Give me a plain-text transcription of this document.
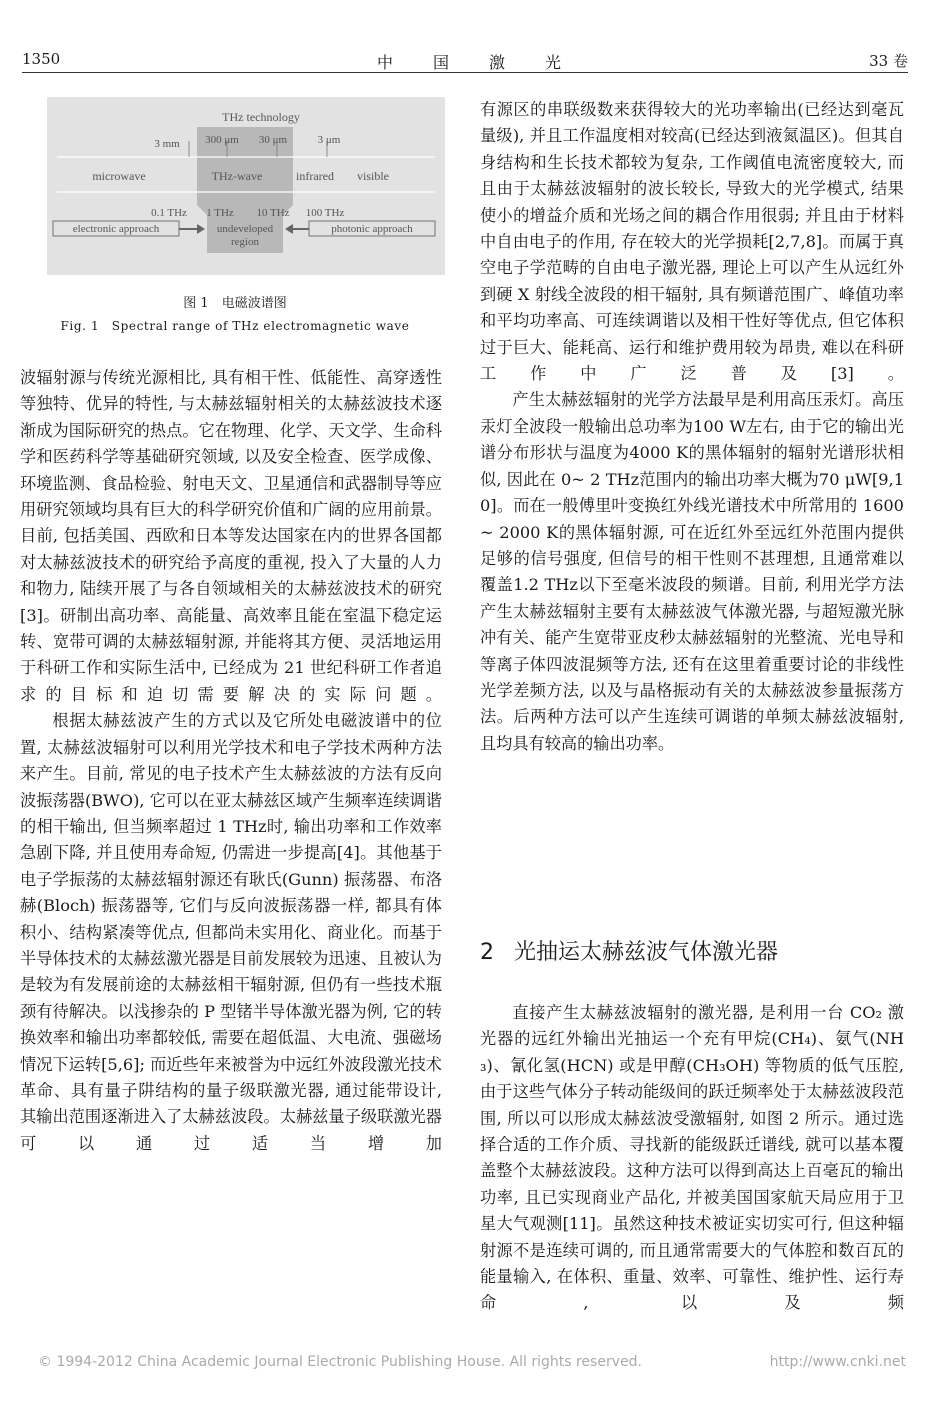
1350	中国激光	33 卷
THz technology
3 mm 300 μm 30 μm	3 μm
microwave	THz-wave	infrared visible
0.1 THz 1 THz 10 THz 100 THz
electronic approach	undeveloped
region
photonic approach
图 1　电磁波谱图
Fig. 1　Spectral range of THz electromagnetic wave

波辐射源与传统光源相比, 具有相干性、低能性、高穿透性等独特、优异的特性, 与太赫兹辐射相关的太赫兹波技术逐渐成为国际研究的热点。它在物理、化学、天文学、生命科学和医药科学等基础研究领域, 以及安全检查、医学成像、环境监测、食品检验、射电天文、卫星通信和武器制导等应用研究领域均具有巨大的科学研究价值和广阔的应用前景。目前, 包括美国、西欧和日本等发达国家在内的世界各国都对太赫兹波技术的研究给予高度的重视, 投入了大量的人力和物力, 陆续开展了与各自领域相关的太赫兹波技术的研究[3]。研制出高功率、高能量、高效率且能在室温下稳定运转、宽带可调的太赫兹辐射源, 并能将其方便、灵活地运用于科研工作和实际生活中, 已经成为 21 世纪科研工作者追求的目标和迫切需要解决的实际问题。

根据太赫兹波产生的方式以及它所处电磁波谱中的位置, 太赫兹波辐射可以利用光学技术和电子学技术两种方法来产生。目前, 常见的电子技术产生太赫兹波的方法有反向波振荡器(BWO), 它可以在亚太赫兹区域产生频率连续调谐的相干输出, 但当频率超过 1 THz时, 输出功率和工作效率急剧下降, 并且使用寿命短, 仍需进一步提高[4]。其他基于电子学振荡的太赫兹辐射源还有耿氏(Gunn) 振荡器、布洛赫(Bloch) 振荡器等, 它们与反向波振荡器一样, 都具有体积小、结构紧凑等优点, 但都尚未实用化、商业化。而基于半导体技术的太赫兹激光器是目前发展较为迅速、且被认为是较为有发展前途的太赫兹相干辐射源, 但仍有一些技术瓶颈有待解决。以浅掺杂的 P 型锗半导体激光器为例, 它的转换效率和输出功率都较低, 需要在超低温、大电流、强磁场情况下运转[5,6]; 而近些年来被誉为中远红外波段激光技术革命、具有量子阱结构的量子级联激光器, 通过能带设计, 其输出范围逐渐进入了太赫兹波段。太赫兹量子级联激光器可以通过适当增加

有源区的串联级数来获得较大的光功率输出(已经达到毫瓦量级), 并且工作温度相对较高(已经达到液氮温区)。但其自身结构和生长技术都较为复杂, 工作阈值电流密度较大, 而且由于太赫兹波辐射的波长较长, 导致大的光学模式, 结果使小的增益介质和光场之间的耦合作用很弱; 并且由于材料中自由电子的作用, 存在较大的光学损耗[2,7,8]。而属于真空电子学范畴的自由电子激光器, 理论上可以产生从远红外到硬 X 射线全波段的相干辐射, 具有频谱范围广、峰值功率和平均功率高、可连续调谐以及相干性好等优点, 但它体积过于巨大、能耗高、运行和维护费用较为昂贵, 难以在科研工作中广泛普及[3]。

产生太赫兹辐射的光学方法最早是利用高压汞灯。高压汞灯全波段一般输出总功率为100 W左右, 由于它的输出光谱分布形状与温度为4000 K的黑体辐射的辐射光谱形状相似, 因此在 0~ 2 THz范围内的输出功率大概为70 μW[9,10]。而在一般傅里叶变换红外线光谱技术中所常用的 1600~ 2000 K的黑体辐射源, 可在近红外至远红外范围内提供足够的信号强度, 但信号的相干性则不甚理想, 且通常难以覆盖1.2 THz以下至毫米波段的频谱。目前, 利用光学方法产生太赫兹辐射主要有太赫兹波气体激光器, 与超短激光脉冲有关、能产生宽带亚皮秒太赫兹辐射的光整流、光电导和等离子体四波混频等方法, 还有在这里着重要讨论的非线性光学差频方法, 以及与晶格振动有关的太赫兹波参量振荡方法。后两种方法可以产生连续可调谐的单频太赫兹波辐射, 且均具有较高的输出功率。

2 光抽运太赫兹波气体激光器

直接产生太赫兹波辐射的激光器, 是利用一台 CO₂ 激光器的远红外输出光抽运一个充有甲烷(CH₄)、氨气(NH₃)、氰化氢(HCN) 或是甲醇(CH₃OH) 等物质的低气压腔, 由于这些气体分子转动能级间的跃迁频率处于太赫兹波段范围, 所以可以形成太赫兹波受激辐射, 如图 2 所示。通过选择合适的工作介质、寻找新的能级跃迁谱线, 就可以基本覆盖整个太赫兹波段。这种方法可以得到高达上百毫瓦的输出功率, 且已实现商业产品化, 并被美国国家航天局应用于卫星大气观测[11]。虽然这种技术被证实切实可行, 但这种辐射源不是连续可调的, 而且通常需要大的气体腔和数百瓦的能量输入, 在体积、重量、效率、可靠性、维护性、运行寿命, 以及频

© 1994-2012 China Academic Journal Electronic Publishing House. All rights reserved.	http://www.cnki.net
